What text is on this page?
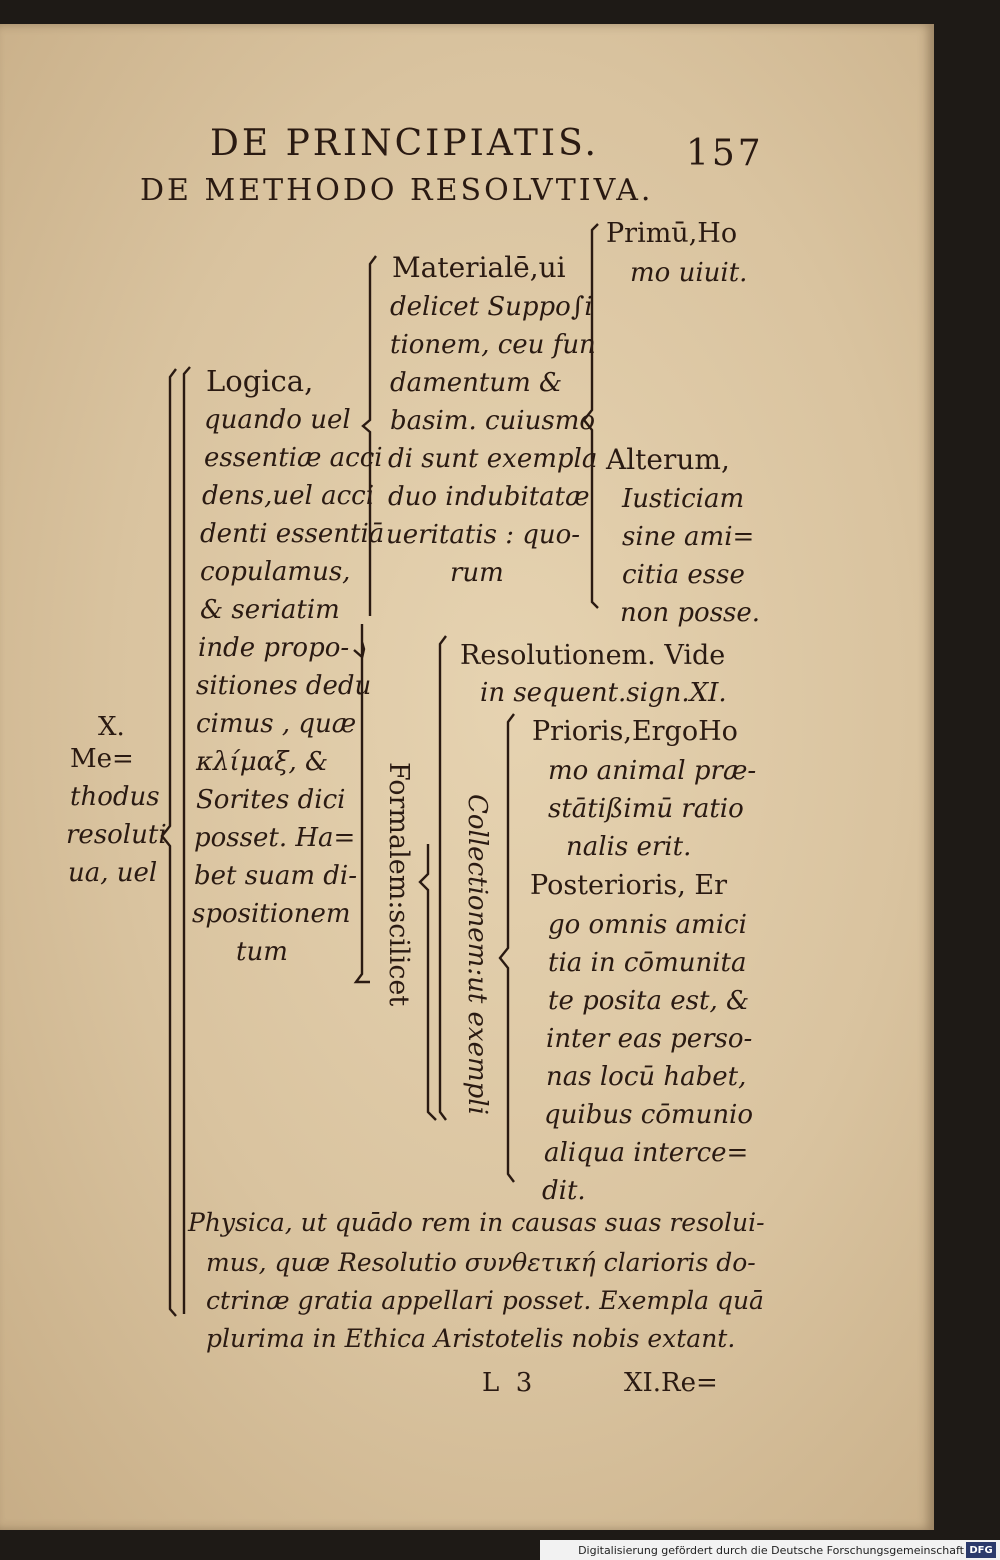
DE PRINCIPIATIS. 157
DE METHODO RESOLVTIVA.
X.
Me=
thodus
resoluti
ua, uel
Logica,
quando uel
essentiæ acci
dens,uel acci
denti essentiā
copulamus,
& seriatim
inde propo-
sitiones dedu
cimus , quæ
κλίμαξ, &
Sorites dici
posset. Ha=
bet suam di-
spositionem
tum
Materialē,ui
delicet Suppo∫i
tionem, ceu fun
damentum &
basim. cuiusmo
di sunt exempla
duo indubitatæ
ueritatis : quo-
rum
Primū,Ho
mo uiuit.
Alterum,
Iusticiam
sine ami=
citia esse
non posse.
Formalem:scilicet Collectionem:ut exempli
Resolutionem. Vide
in sequent.sign.XI.
Prioris,ErgoHo
mo animal præ-
stātißimū ratio
nalis erit.
Posterioris, Er
go omnis amici
tia in cōmunita
te posita est, &
inter eas perso-
nas locū habet,
quibus cōmunio
aliqua interce=
dit.
Physica, ut quādo rem in causas suas resolui-
mus, quæ Resolutio συνθετική clarioris do-
ctrinæ gratia appellari posset. Exempla quā
plurima in Ethica Aristotelis nobis extant.
L  3	XI.Re=
Digitalisierung gefördert durch die Deutsche Forschungsgemeinschaft DFG
